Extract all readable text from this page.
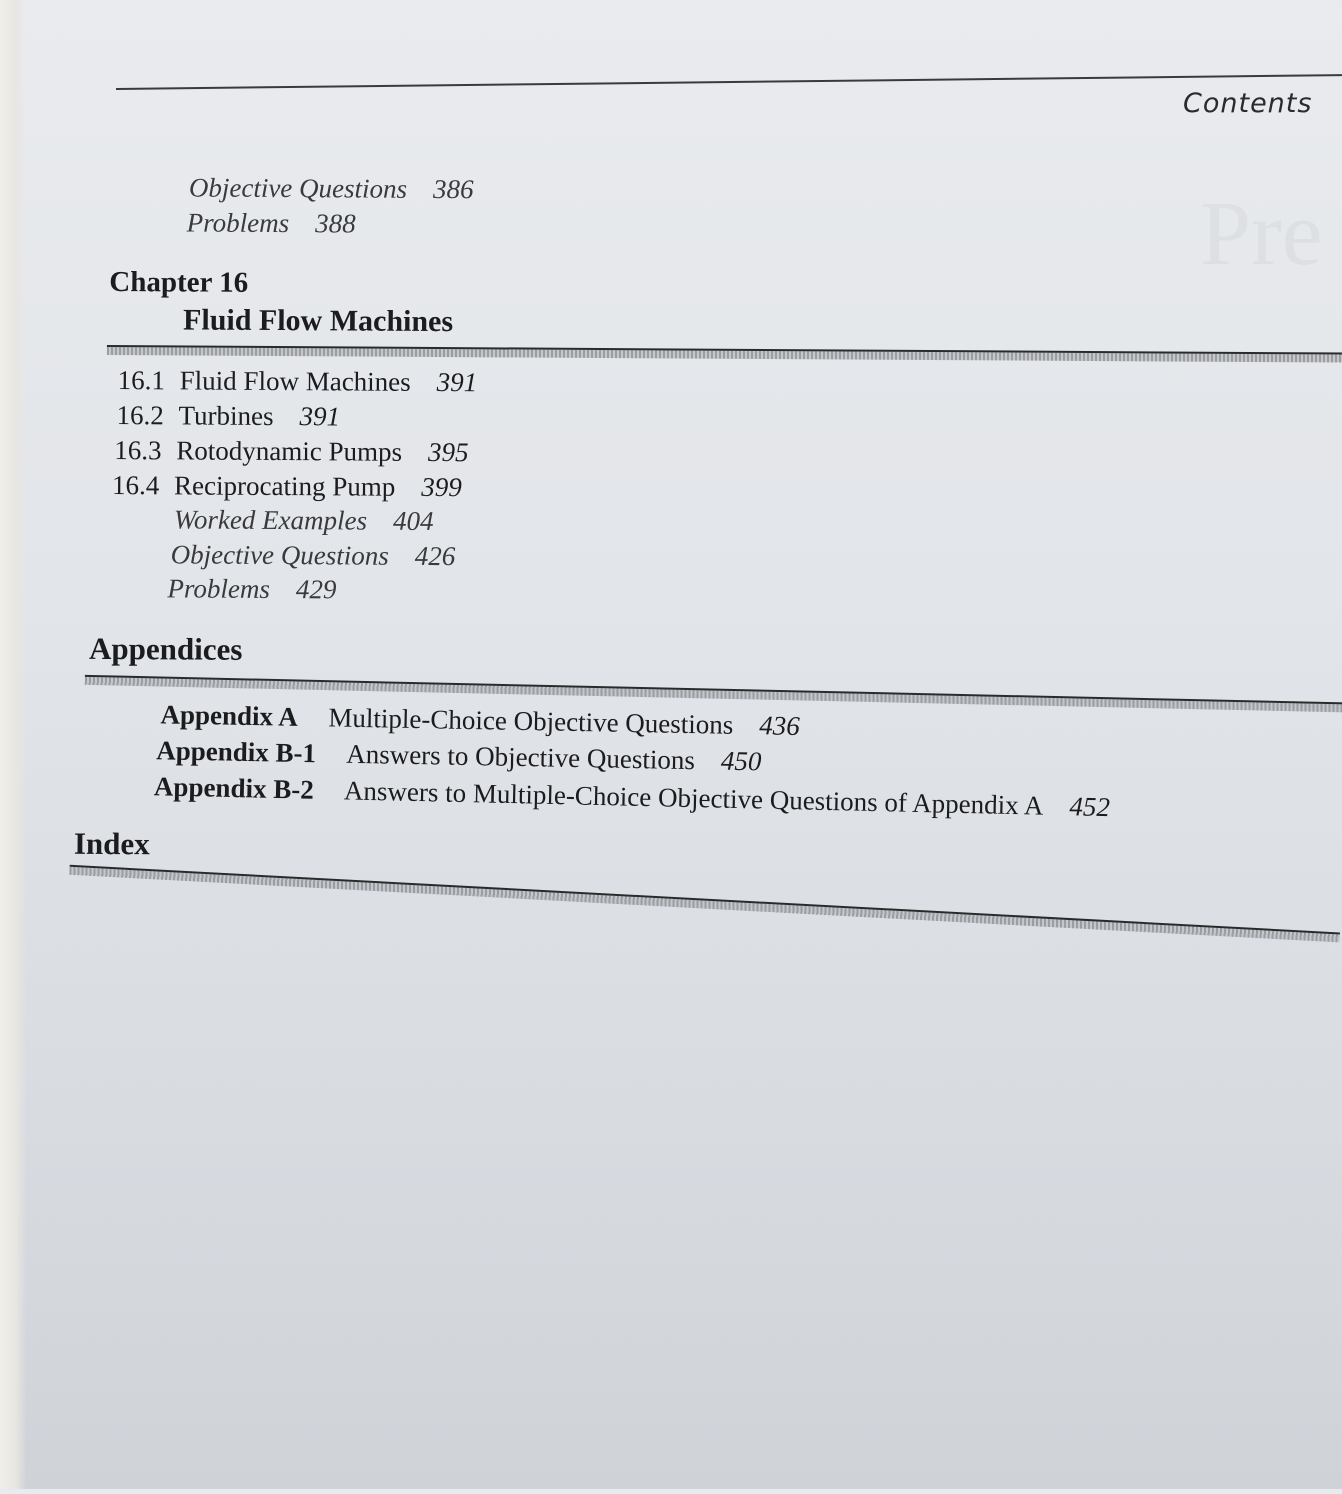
Contents
Pre
Objective Questions 386
Problems 388
Chapter 16
Fluid Flow Machines
16.1 Fluid Flow Machines 391
16.2 Turbines 391
16.3 Rotodynamic Pumps 395
16.4 Reciprocating Pump 399
Worked Examples 404
Objective Questions 426
Problems 429
Appendices
Appendix A Multiple-Choice Objective Questions 436
Appendix B-1 Answers to Objective Questions 450
Appendix B-2 Answers to Multiple-Choice Objective Questions of Appendix A 452
Index
